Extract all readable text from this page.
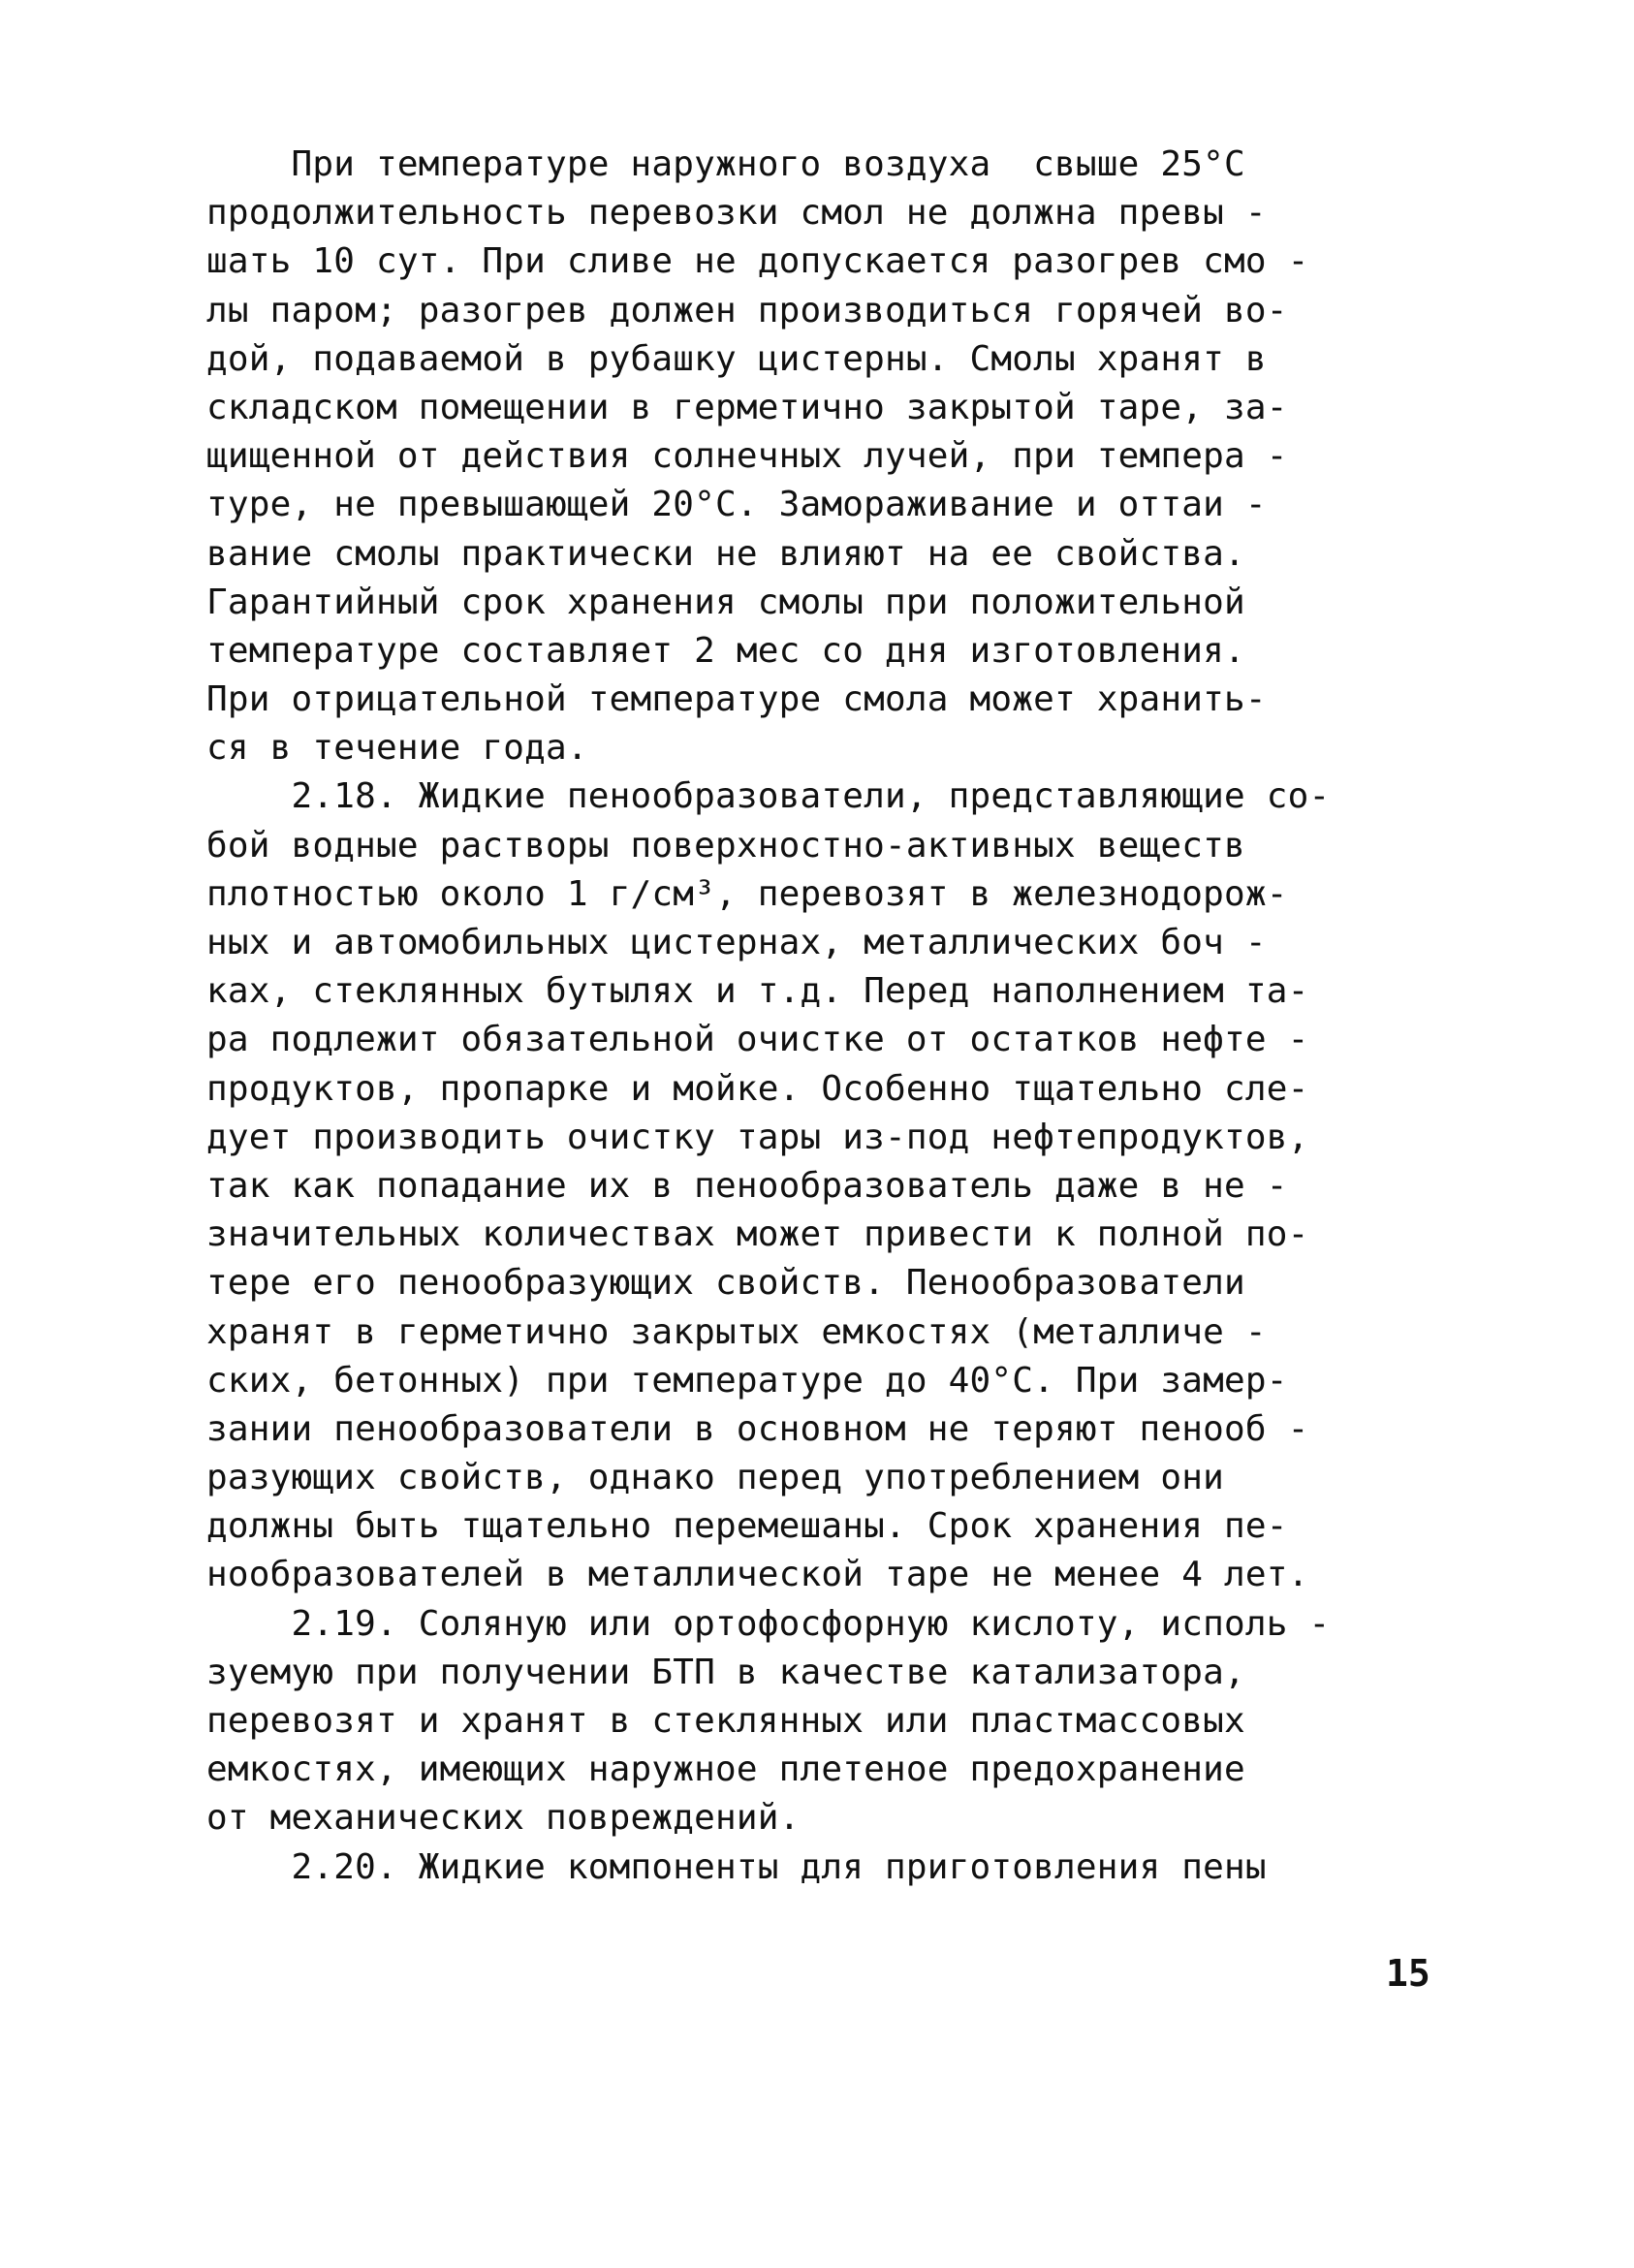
При температуре наружного воздуха  свыше 25°С
продолжительность перевозки смол не должна превы -
шать 10 сут. При сливе не допускается разогрев смо -
лы паром; разогрев должен производиться горячей во-
дой, подаваемой в рубашку цистерны. Смолы хранят в
складском помещении в герметично закрытой таре, за-
щищенной от действия солнечных лучей, при темпера -
туре, не превышающей 20°С. Замораживание и оттаи -
вание смолы практически не влияют на ее свойства.
Гарантийный срок хранения смолы при положительной
температуре составляет 2 мес со дня изготовления.
При отрицательной температуре смола может хранить-
ся в течение года.
2.18. Жидкие пенообразователи, представляющие со-
бой водные растворы поверхностно-активных веществ
плотностью около 1 г/см³, перевозят в железнодорож-
ных и автомобильных цистернах, металлических боч -
ках, стеклянных бутылях и т.д. Перед наполнением та-
ра подлежит обязательной очистке от остатков нефте -
продуктов, пропарке и мойке. Особенно тщательно сле-
дует производить очистку тары из-под нефтепродуктов,
так как попадание их в пенообразователь даже в не -
значительных количествах может привести к полной по-
тере его пенообразующих свойств. Пенообразователи
хранят в герметично закрытых емкостях (металличе -
ских, бетонных) при температуре до 40°С. При замер-
зании пенообразователи в основном не теряют пенооб -
разующих свойств, однако перед употреблением они
должны быть тщательно перемешаны. Срок хранения пе-
нообразователей в металлической таре не менее 4 лет.
2.19. Соляную или ортофосфорную кислоту, исполь -
зуемую при получении БТП в качестве катализатора,
перевозят и хранят в стеклянных или пластмассовых
емкостях, имеющих наружное плетеное предохранение
от механических повреждений.
2.20. Жидкие компоненты для приготовления пены
15
